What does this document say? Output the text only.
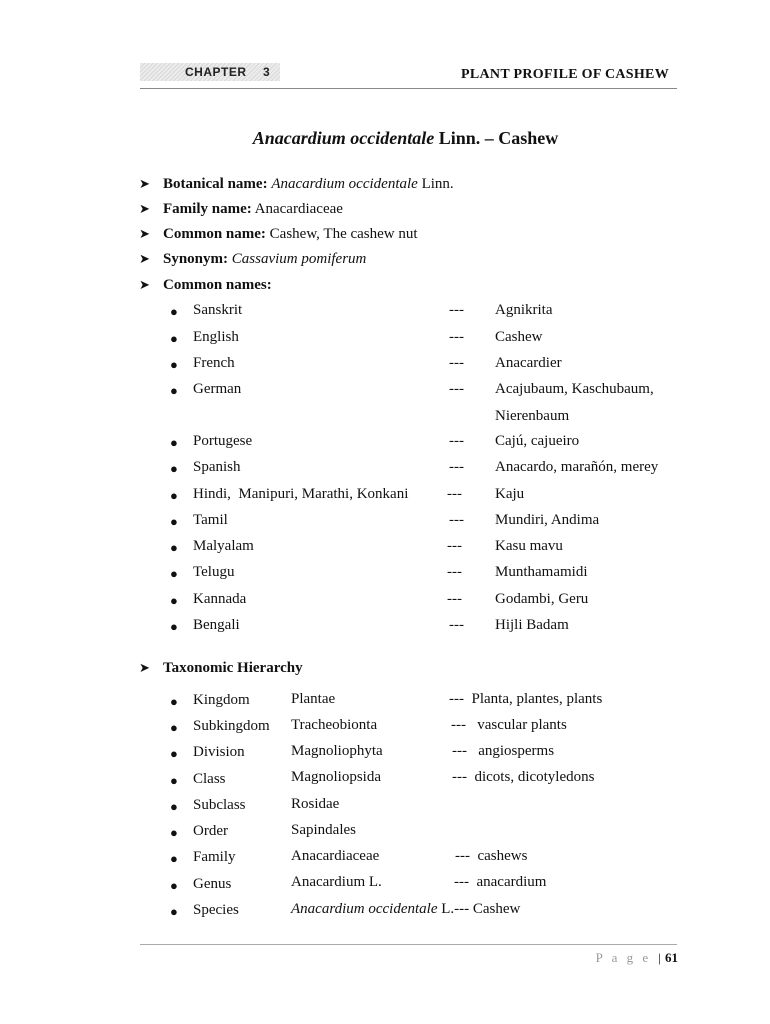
CHAPTER 3	PLANT PROFILE OF CASHEW
Anacardium occidentale Linn. – Cashew
➤ Botanical name: Anacardium occidentale Linn.
➤ Family name: Anacardiaceae
➤ Common name: Cashew, The cashew nut
➤ Synonym: Cassavium pomiferum
➤ Common names:
● Sanskrit	--- Agnikrita
● English	--- Cashew
● French	--- Anacardier
● German	--- Acajubaum, Kaschubaum,
Nierenbaum
● Portugese	--- Cajú, cajueiro
● Spanish	--- Anacardo, marañón, merey
● Hindi,  Manipuri, Marathi, Konkani	--- Kaju
● Tamil	--- Mundiri, Andima
● Malyalam	--- Kasu mavu
● Telugu	--- Munthamamidi
● Kannada	--- Godambi, Geru
● Bengali	--- Hijli Badam
➤ Taxonomic Hierarchy
● Kingdom	Plantae	---  Planta, plantes, plants
● Subkingdom Tracheobionta	---   vascular plants
● Division	Magnoliophyta	---   angiosperms
● Class	Magnoliopsida	---  dicots, dicotyledons
● Subclass	Rosidae
● Order	Sapindales
● Family	Anacardiaceae	---  cashews
● Genus	Anacardium L.	---  anacardium
● Species	Anacardium occidentale L.--- Cashew
P a g e | 61
